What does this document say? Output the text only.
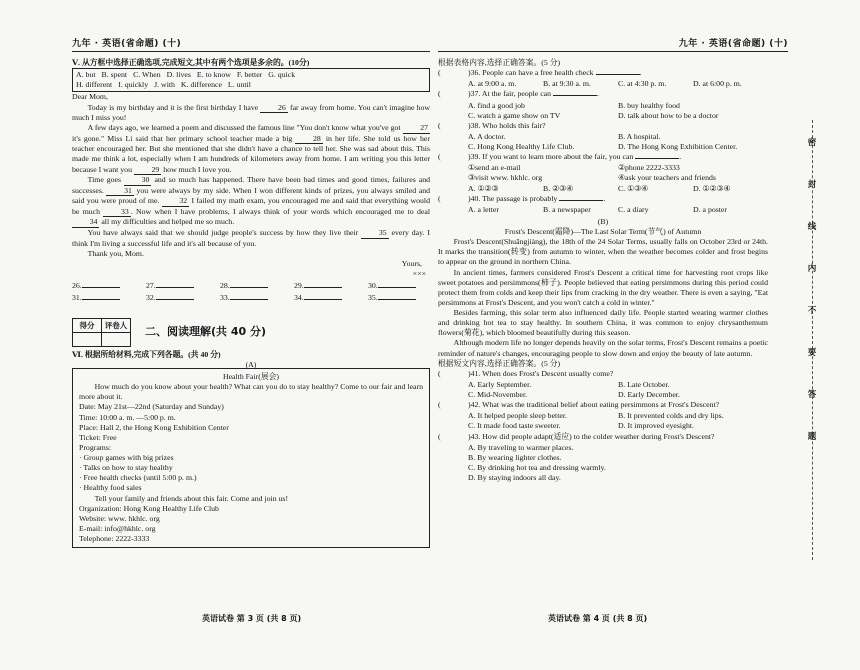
九年 · 英语(省命题) (十)
Ⅴ. 从方框中选择正确选项,完成短文,其中有两个选项是多余的。(10分)
A. but B. spent C. When D. lives E. to know F. better G. quick
H. different I. quickly J. with K. difference L. until

Dear Mom,

Today is my birthday and it is the first birthday I have	26 far away from home. You can't imagine how much I miss you!

A few days ago, we learned a poem and discussed the famous line "You don't know what you've got	27 it's gone." Miss Li said that her primary school teacher made a big	28 in her life. She told us how her teacher encouraged her. But she mentioned that she didn't have a chance to tell her. She was sad about this. This made me think a lot, especially when I am hundreds of kilometers away from home. I am writing you this letter because I want you	29 how much I love you.

Time goes	30 and so much has happened. There have been bad times and good times, failures and successes.	31 you were always by my side. When I won different kinds of prizes, you always smiled and said you were proud of me.	32 I failed my math exam, you encouraged me and said that everything would be much	33 . Now when I have problems, I always think of your words which encouraged me to deal 34 all my difficulties and helped me so much.

You have always said that we should judge people's success by how they live their	35 every day. I think I'm living a successful life and it's all because of you.

Thank you, Mom.

Yours,

×××

26.	27.	28.	29.	30.
31.	32.	33.	34.	35.
得分	评卷人

二、阅读理解(共 40 分)
Ⅵ. 根据所给材料,完成下列各题。(共 40 分)
(A)
Health Fair(展会)

How much do you know about your health? What can you do to stay healthy? Come to our fair and learn more about it.

Date: May 21st—22nd (Saturday and Sunday)
Time: 10:00 a. m. —5:00 p. m.
Place: Hall 2, the Hong Kong Exhibition Center
Ticket: Free
Programs:
· Group games with big prizes
· Talks on how to stay healthy
· Free health checks (until 5:00 p. m.)
· Healthy food sales

Tell your family and friends about this fair. Come and join us!

Organization: Hong Kong Healthy Life Club
Website: www. hkhlc. org
E-mail: info@hkhlc. org
Telephone: 2222-3333
英语试卷 第 3 页 (共 8 页)
九年 · 英语(省命题) (十)
根据表格内容,选择正确答案。(5 分)
(	)36. People can have a free health check	.
A. at 9:00 a. m.	B. at 9:30 a. m.	C. at 4:30 p. m.	D. at 6:00 p. m.
(	)37. At the fair, people can	.
A. find a good job	B. buy healthy food
C. watch a game show on TV	D. talk about how to be a doctor
(	)38. Who holds this fair?
A. A doctor.	B. A hospital.
C. Hong Kong Healthy Life Club.	D. The Hong Kong Exhibition Center.
(	)39. If you want to learn more about the fair, you can	.
①send an e-mail	②phone 2222-3333
③visit www. hkhlc. org	④ask your teachers and friends
A. ①②③	B. ②③④	C. ①③④	D. ①②③④
(	)40. The passage is probably	.
A. a letter	B. a newspaper	C. a diary	D. a poster
(B)
Frost's Descent(霜降)—The Last Solar Term(节气) of Autumn

Frost's Descent(Shuāngjiàng), the 18th of the 24 Solar Terms, usually falls on October 23rd or 24th. It marks the transition(转变) from autumn to winter, when the weather becomes colder and frost begins to appear on the ground in northern China.

In ancient times, farmers considered Frost's Descent a critical time for harvesting root crops like sweet potatoes and persimmons(柿子). People believed that eating persimmons during this period could protect them from colds and keep their lips from cracking in the dry weather. There is even a saying, "Eat persimmons at Frost's Descent, and you won't catch a cold in winter."

Besides farming, this solar term also influenced daily life. People started wearing warmer clothes and drinking hot tea to stay healthy. In southern China, it was common to enjoy chrysanthemum flowers(菊花), which bloomed beautifully during this season.

Although modern life no longer depends heavily on the solar terms, Frost's Descent remains a poetic reminder of nature's changes, encouraging people to slow down and enjoy the beauty of late autumn.

根据短文内容,选择正确答案。(5 分)
(	)41. When does Frost's Descent usually come?
A. Early September.	B. Late October.
C. Mid-November.	D. Early December.
(	)42. What was the traditional belief about eating persimmons at Frost's Descent?
A. It helped people sleep better.	B. It prevented colds and dry lips.
C. It made food taste sweeter.	D. It improved eyesight.
(	)43. How did people adapt(适应) to the colder weather during Frost's Descent?
A. By traveling to warmer places.
B. By wearing lighter clothes.
C. By drinking hot tea and dressing warmly.
D. By staying indoors all day.
英语试卷 第 4 页 (共 8 页)
密
封
线
内
不
要
答
题
